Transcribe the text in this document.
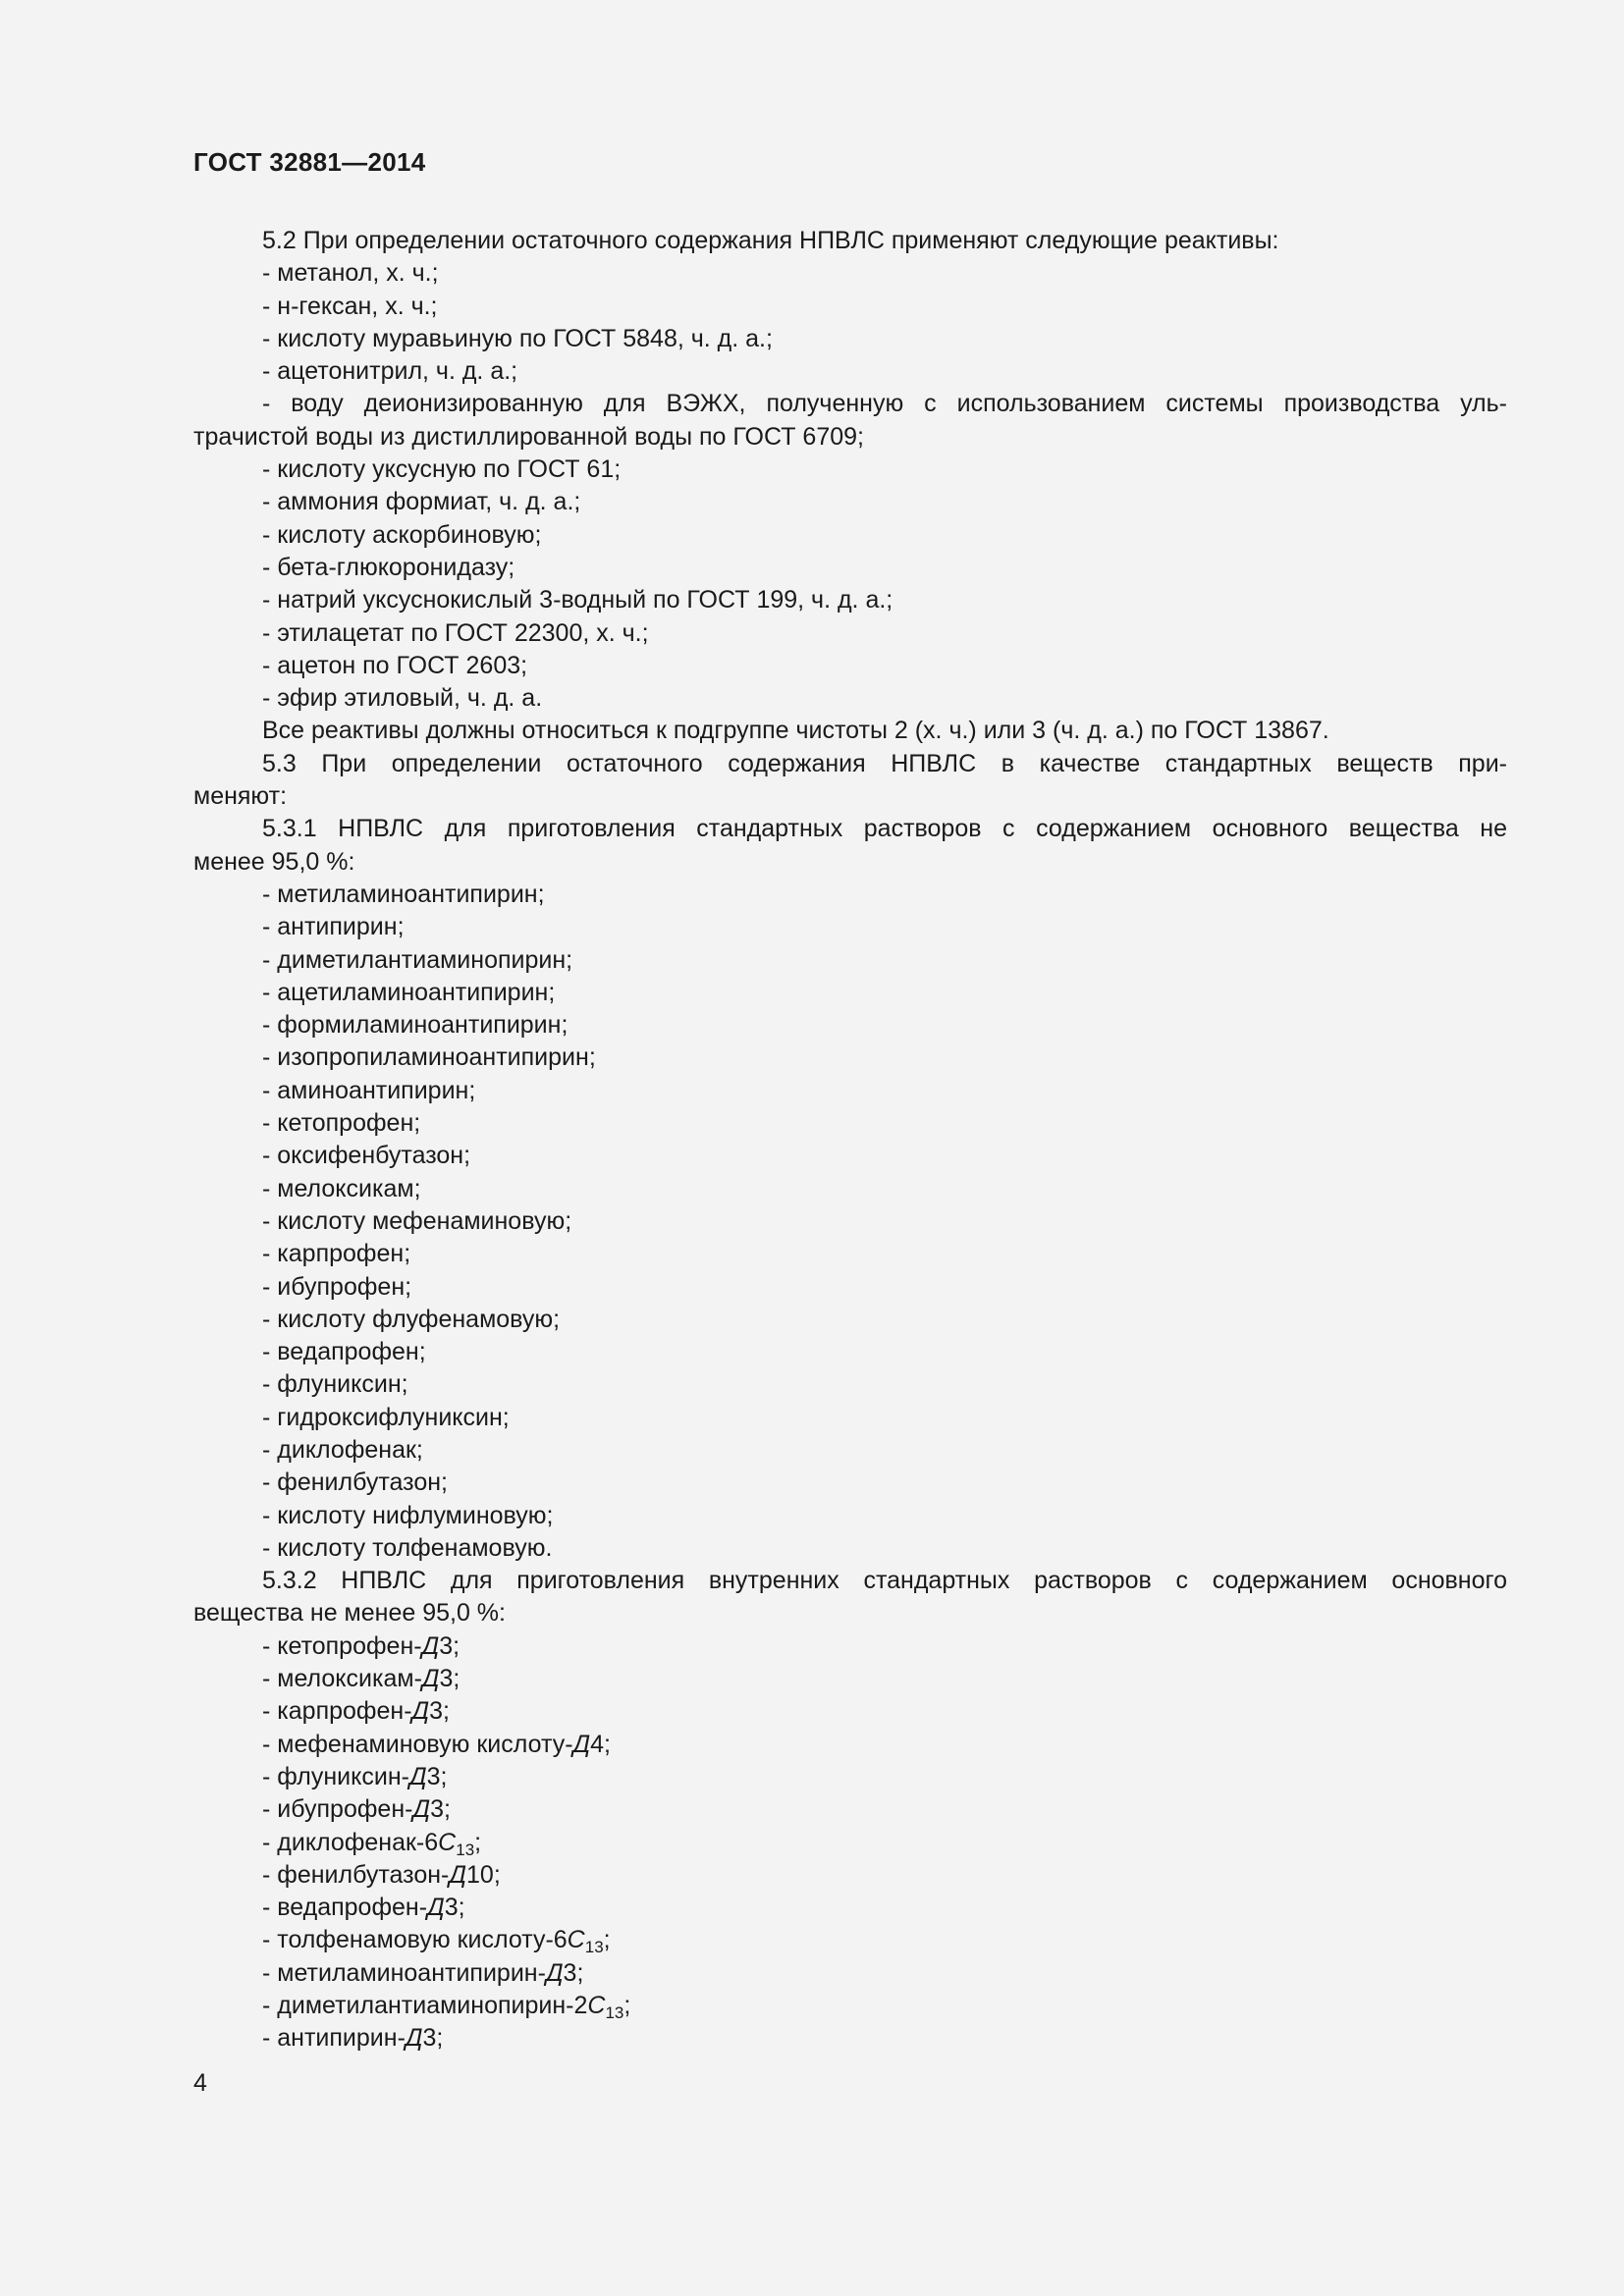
ГОСТ 32881—2014

5.2 При определении остаточного содержания НПВЛС применяют следующие реактивы:

- метанол, х. ч.;

- н-гексан, х. ч.;

- кислоту муравьиную по ГОСТ 5848, ч. д. а.;

- ацетонитрил, ч. д. а.;

- воду деионизированную для ВЭЖХ, полученную с использованием системы производства уль-

трачистой воды из дистиллированной воды по ГОСТ 6709;

- кислоту уксусную по ГОСТ 61;

- аммония формиат, ч. д. а.;

- кислоту аскорбиновую;

- бета-глюкоронидазу;

- натрий уксуснокислый 3-водный по ГОСТ 199, ч. д. а.;

- этилацетат по ГОСТ 22300, х. ч.;

- ацетон по ГОСТ 2603;

- эфир этиловый, ч. д. а.

Все реактивы должны относиться к подгруппе чистоты 2 (х. ч.) или 3 (ч. д. а.) по ГОСТ 13867.

5.3 При определении остаточного содержания НПВЛС в качестве стандартных веществ при-

меняют:

5.3.1 НПВЛС для приготовления стандартных растворов с содержанием основного вещества не

менее 95,0 %:

- метиламиноантипирин;

- антипирин;

- диметилантиаминопирин;

- ацетиламиноантипирин;

- формиламиноантипирин;

- изопропиламиноантипирин;

- аминоантипирин;

- кетопрофен;

- оксифенбутазон;

- мелоксикам;

- кислоту мефенаминовую;

- карпрофен;

- ибупрофен;

- кислоту флуфенамовую;

- ведапрофен;

- флуниксин;

- гидроксифлуниксин;

- диклофенак;

- фенилбутазон;

- кислоту нифлуминовую;

- кислоту толфенамовую.

5.3.2 НПВЛС для приготовления внутренних стандартных растворов с содержанием основного

вещества не менее 95,0 %:

- кетопрофен-Д3;

- мелоксикам-Д3;

- карпрофен-Д3;

- мефенаминовую кислоту-Д4;

- флуниксин-Д3;

- ибупрофен-Д3;

- диклофенак-$6C_{13}$;

- фенилбутазон-Д10;

- ведапрофен-Д3;

- толфенамовую кислоту-$6C_{13}$;

- метиламиноантипирин-Д3;

- диметилантиаминопирин-$2C_{13}$;

- антипирин-Д3;

4
